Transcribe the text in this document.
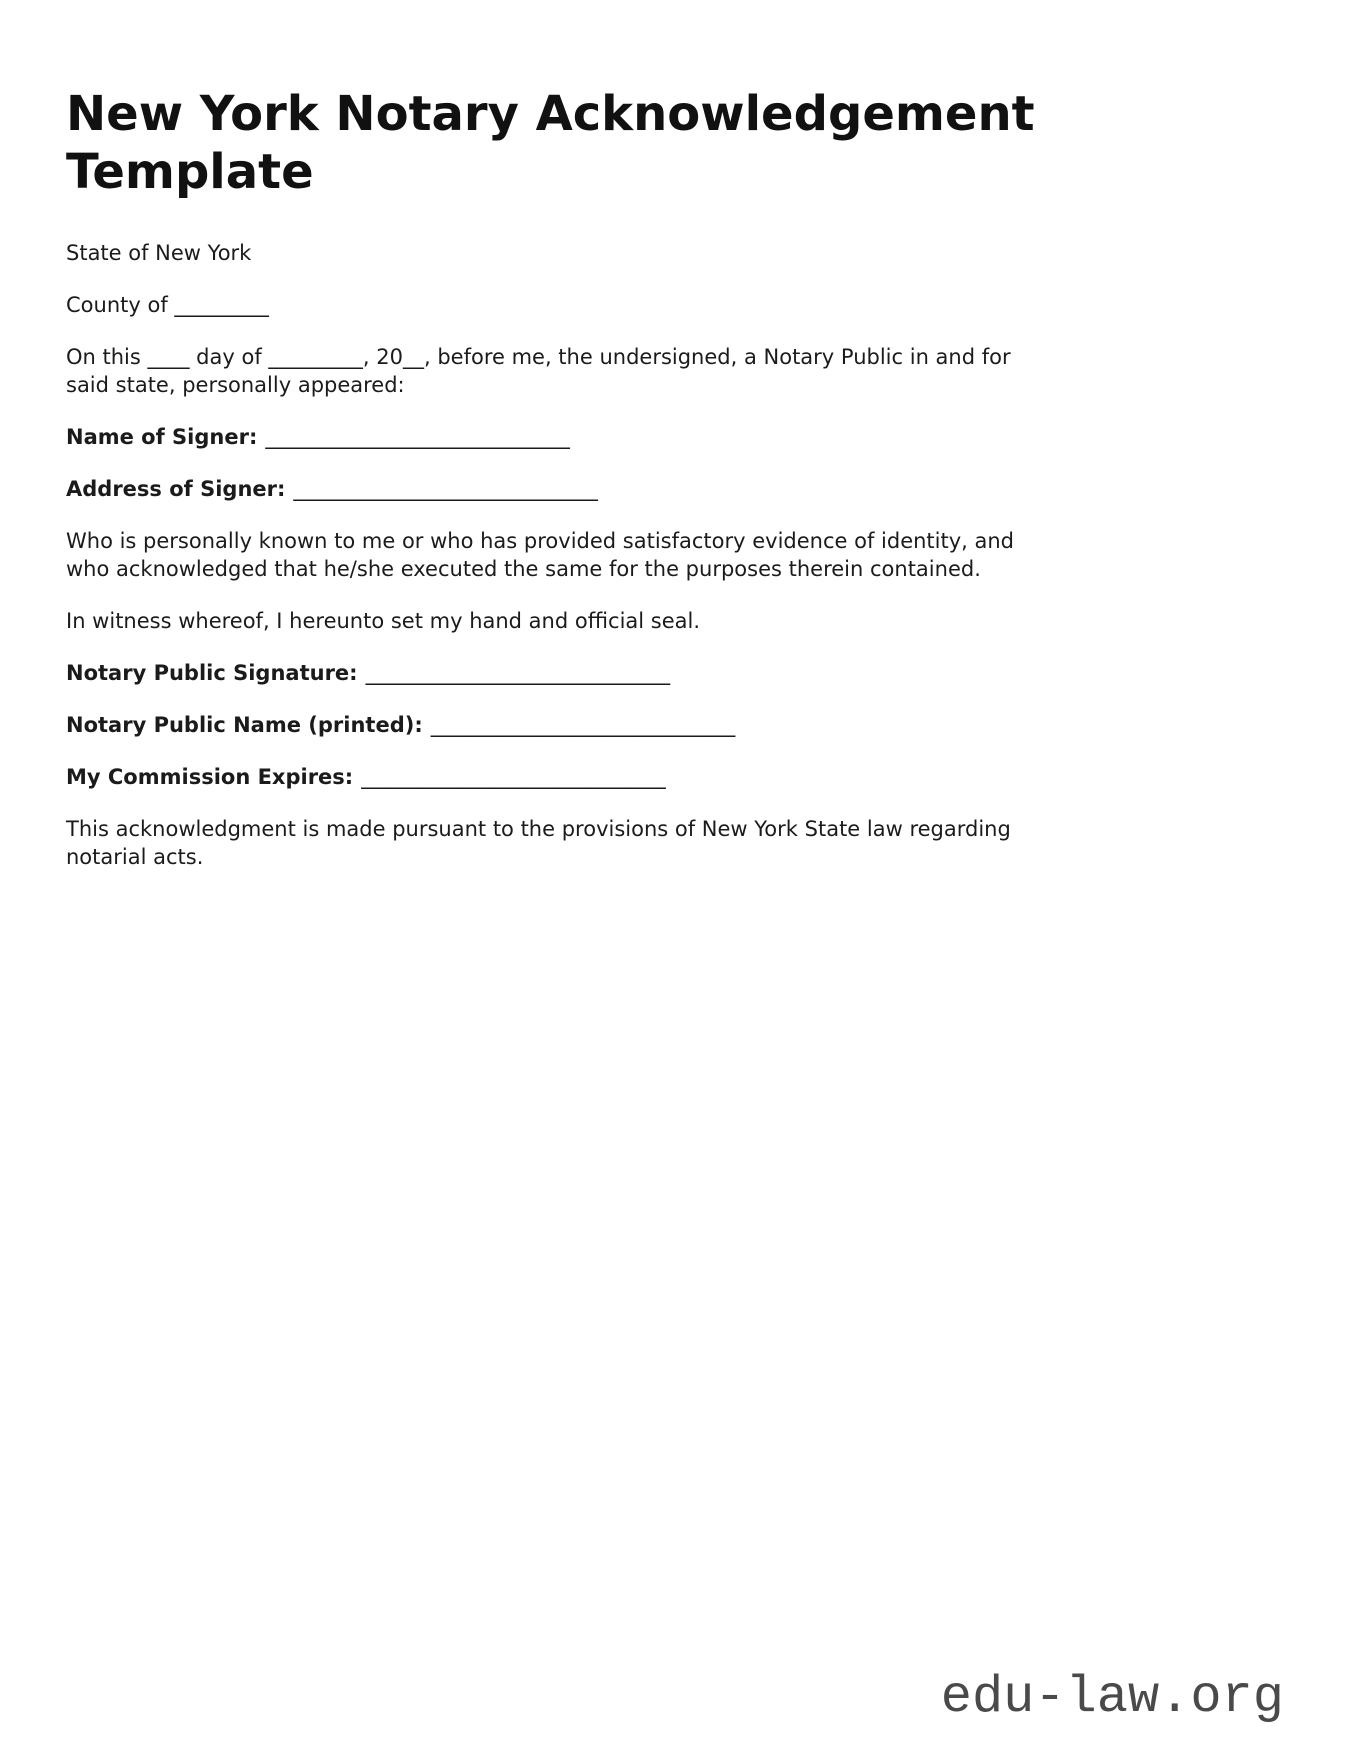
New York Notary Acknowledgement
Template

State of New York

County of _________

On this ____ day of _________, 20__, before me, the undersigned, a Notary Public in and for
said state, personally appeared:

Name of Signer: _____________________________

Address of Signer: _____________________________

Who is personally known to me or who has provided satisfactory evidence of identity, and
who acknowledged that he/she executed the same for the purposes therein contained.

In witness whereof, I hereunto set my hand and official seal.

Notary Public Signature: _____________________________

Notary Public Name (printed): _____________________________

My Commission Expires: _____________________________

This acknowledgment is made pursuant to the provisions of New York State law regarding
notarial acts.

edu-law.org
